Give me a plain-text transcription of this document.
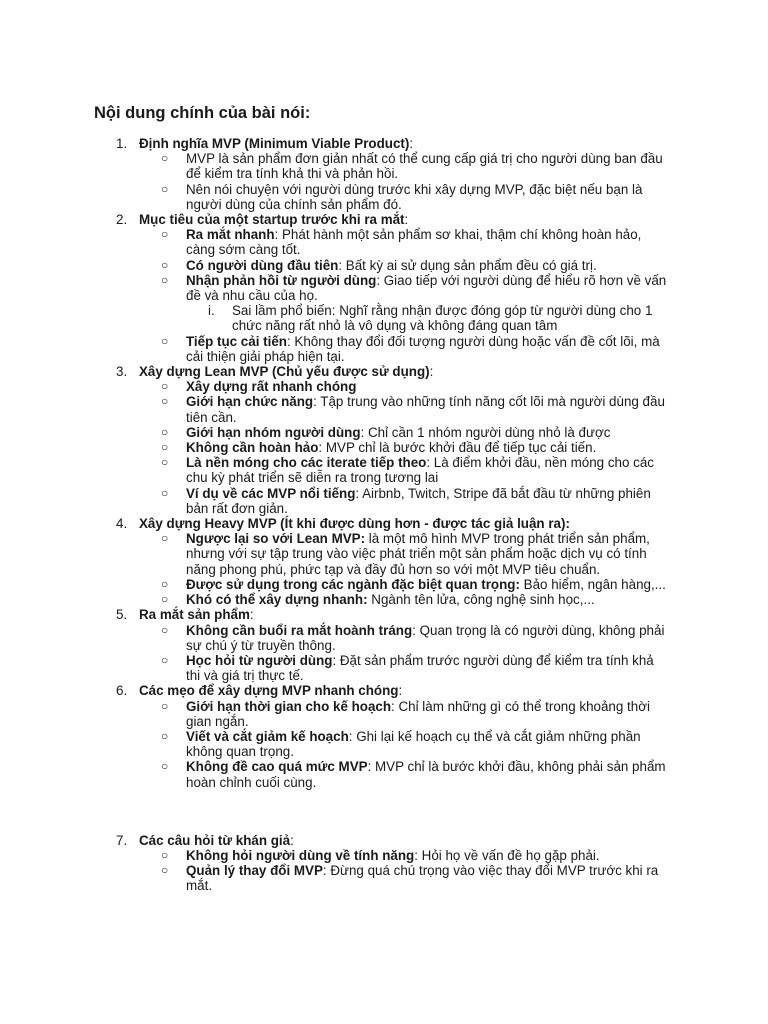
Nội dung chính của bài nói:
1. Định nghĩa MVP (Minimum Viable Product):
○ MVP là sản phẩm đơn giản nhất có thể cung cấp giá trị cho người dùng ban đầu để kiểm tra tính khả thi và phản hồi.
○ Nên nói chuyện với người dùng trước khi xây dựng MVP, đặc biệt nếu bạn là người dùng của chính sản phẩm đó.
2. Mục tiêu của một startup trước khi ra mắt:
○ Ra mắt nhanh: Phát hành một sản phẩm sơ khai, thậm chí không hoàn hảo, càng sớm càng tốt.
○ Có người dùng đầu tiên: Bất kỳ ai sử dụng sản phẩm đều có giá trị.
○ Nhận phản hồi từ người dùng: Giao tiếp với người dùng để hiểu rõ hơn về vấn đề và nhu cầu của họ.
i. Sai lầm phổ biến: Nghĩ rằng nhận được đóng góp từ người dùng cho 1 chức năng rất nhỏ là vô dụng và không đáng quan tâm
○ Tiếp tục cải tiến: Không thay đổi đối tượng người dùng hoặc vấn đề cốt lõi, mà cải thiện giải pháp hiện tại.
3. Xây dựng Lean MVP (Chủ yếu được sử dụng):
○ Xây dựng rất nhanh chóng
○ Giới hạn chức năng: Tập trung vào những tính năng cốt lõi mà người dùng đầu tiên cần.
○ Giới hạn nhóm người dùng: Chỉ cần 1 nhóm người dùng nhỏ là được
○ Không cần hoàn hảo: MVP chỉ là bước khởi đầu để tiếp tục cải tiến.
○ Là nền móng cho các iterate tiếp theo: Là điểm khởi đầu, nền móng cho các chu kỳ phát triển sẽ diễn ra trong tương lai
○ Ví dụ về các MVP nổi tiếng: Airbnb, Twitch, Stripe đã bắt đầu từ những phiên bản rất đơn giản.
4. Xây dựng Heavy MVP (Ít khi được dùng hơn - được tác giả luận ra):
○ Ngược lại so với Lean MVP: là một mô hình MVP trong phát triển sản phẩm, nhưng với sự tập trung vào việc phát triển một sản phẩm hoặc dịch vụ có tính năng phong phú, phức tạp và đầy đủ hơn so với một MVP tiêu chuẩn.
○ Được sử dụng trong các ngành đặc biệt quan trọng: Bảo hiểm, ngân hàng,...
○ Khó có thể xây dựng nhanh: Ngành tên lửa, công nghệ sinh học,...
5. Ra mắt sản phẩm:
○ Không cần buổi ra mắt hoành tráng: Quan trọng là có người dùng, không phải sự chú ý từ truyền thông.
○ Học hỏi từ người dùng: Đặt sản phẩm trước người dùng để kiểm tra tính khả thi và giá trị thực tế.
6. Các mẹo để xây dựng MVP nhanh chóng:
○ Giới hạn thời gian cho kế hoạch: Chỉ làm những gì có thể trong khoảng thời gian ngắn.
○ Viết và cắt giảm kế hoạch: Ghi lại kế hoạch cụ thể và cắt giảm những phần không quan trọng.
○ Không đề cao quá mức MVP: MVP chỉ là bước khởi đầu, không phải sản phẩm hoàn chỉnh cuối cùng.
7. Các câu hỏi từ khán giả:
○ Không hỏi người dùng về tính năng: Hỏi họ về vấn đề họ gặp phải.
○ Quản lý thay đổi MVP: Đừng quá chú trọng vào việc thay đổi MVP trước khi ra mắt.
